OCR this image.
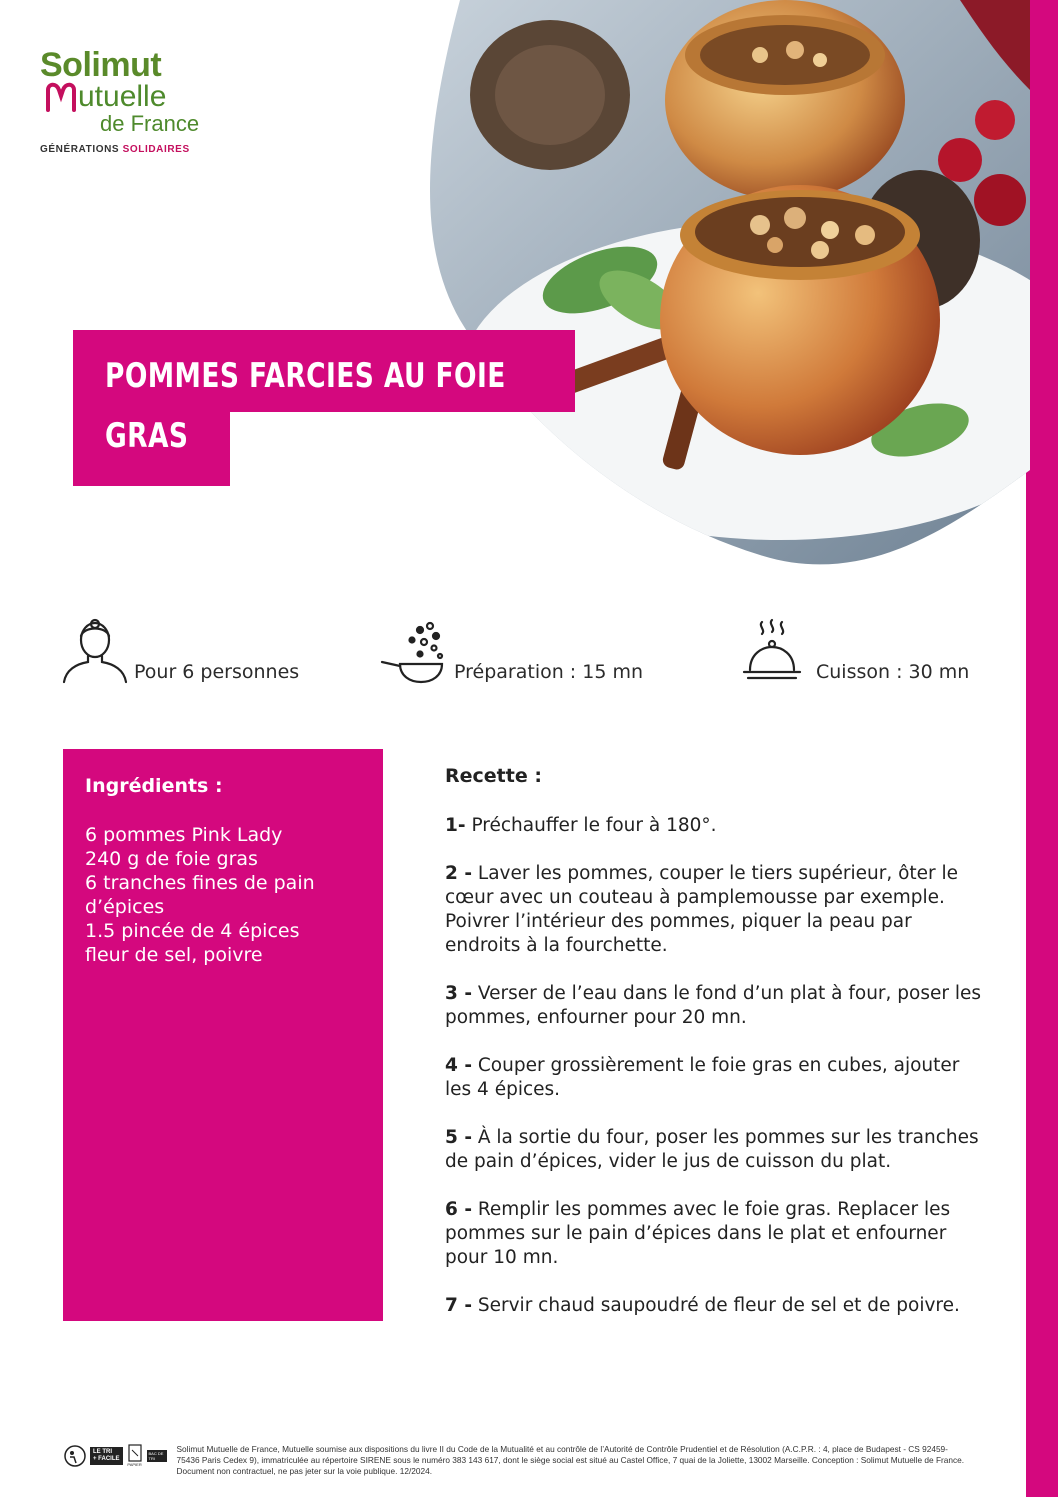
Solimut
utuelle
de France
GÉNÉRATIONS SOLIDAIRES
POMMES FARCIES AU FOIE
GRAS
Pour 6 personnes	Préparation : 15 mn	Cuisson : 30 mn
Ingrédients :
6 pommes Pink Lady
240 g de foie gras
6 tranches fines de pain
d’épices
1.5 pincée de 4 épices
fleur de sel, poivre
Recette :
1- Préchauffer le four à 180°.
2 - Laver les pommes, couper le tiers supérieur, ôter le cœur avec un couteau à pamplemousse par exemple. Poivrer l’intérieur des pommes, piquer la peau par endroits à la fourchette.
3 - Verser de l’eau dans le fond d’un plat à four, poser les pommes, enfourner pour 20 mn.
4 - Couper grossièrement le foie gras en cubes, ajouter les 4 épices.
5 - À la sortie du four, poser les pommes sur les tranches de pain d’épices, vider le jus de cuisson du plat.
6 - Remplir les pommes avec le foie gras. Replacer les pommes sur le pain d’épices dans le plat et enfourner pour 10 mn.
7 - Servir chaud saupoudré de fleur de sel et de poivre.
LE TRI
+ FACILE
PAPIER
BAC DE TRI
Solimut Mutuelle de France, Mutuelle soumise aux dispositions du livre II du Code de la Mutualité et au contrôle de l’Autorité de Contrôle Prudentiel et de Résolution (A.C.P.R. : 4, place de Budapest - CS 92459-75436 Paris Cedex 9), immatriculée au répertoire SIRENE sous le numéro 383 143 617, dont le siège social est situé au Castel Office, 7 quai de la Joliette, 13002 Marseille. Conception : Solimut Mutuelle de France. Document non contractuel, ne pas jeter sur la voie publique. 12/2024.
